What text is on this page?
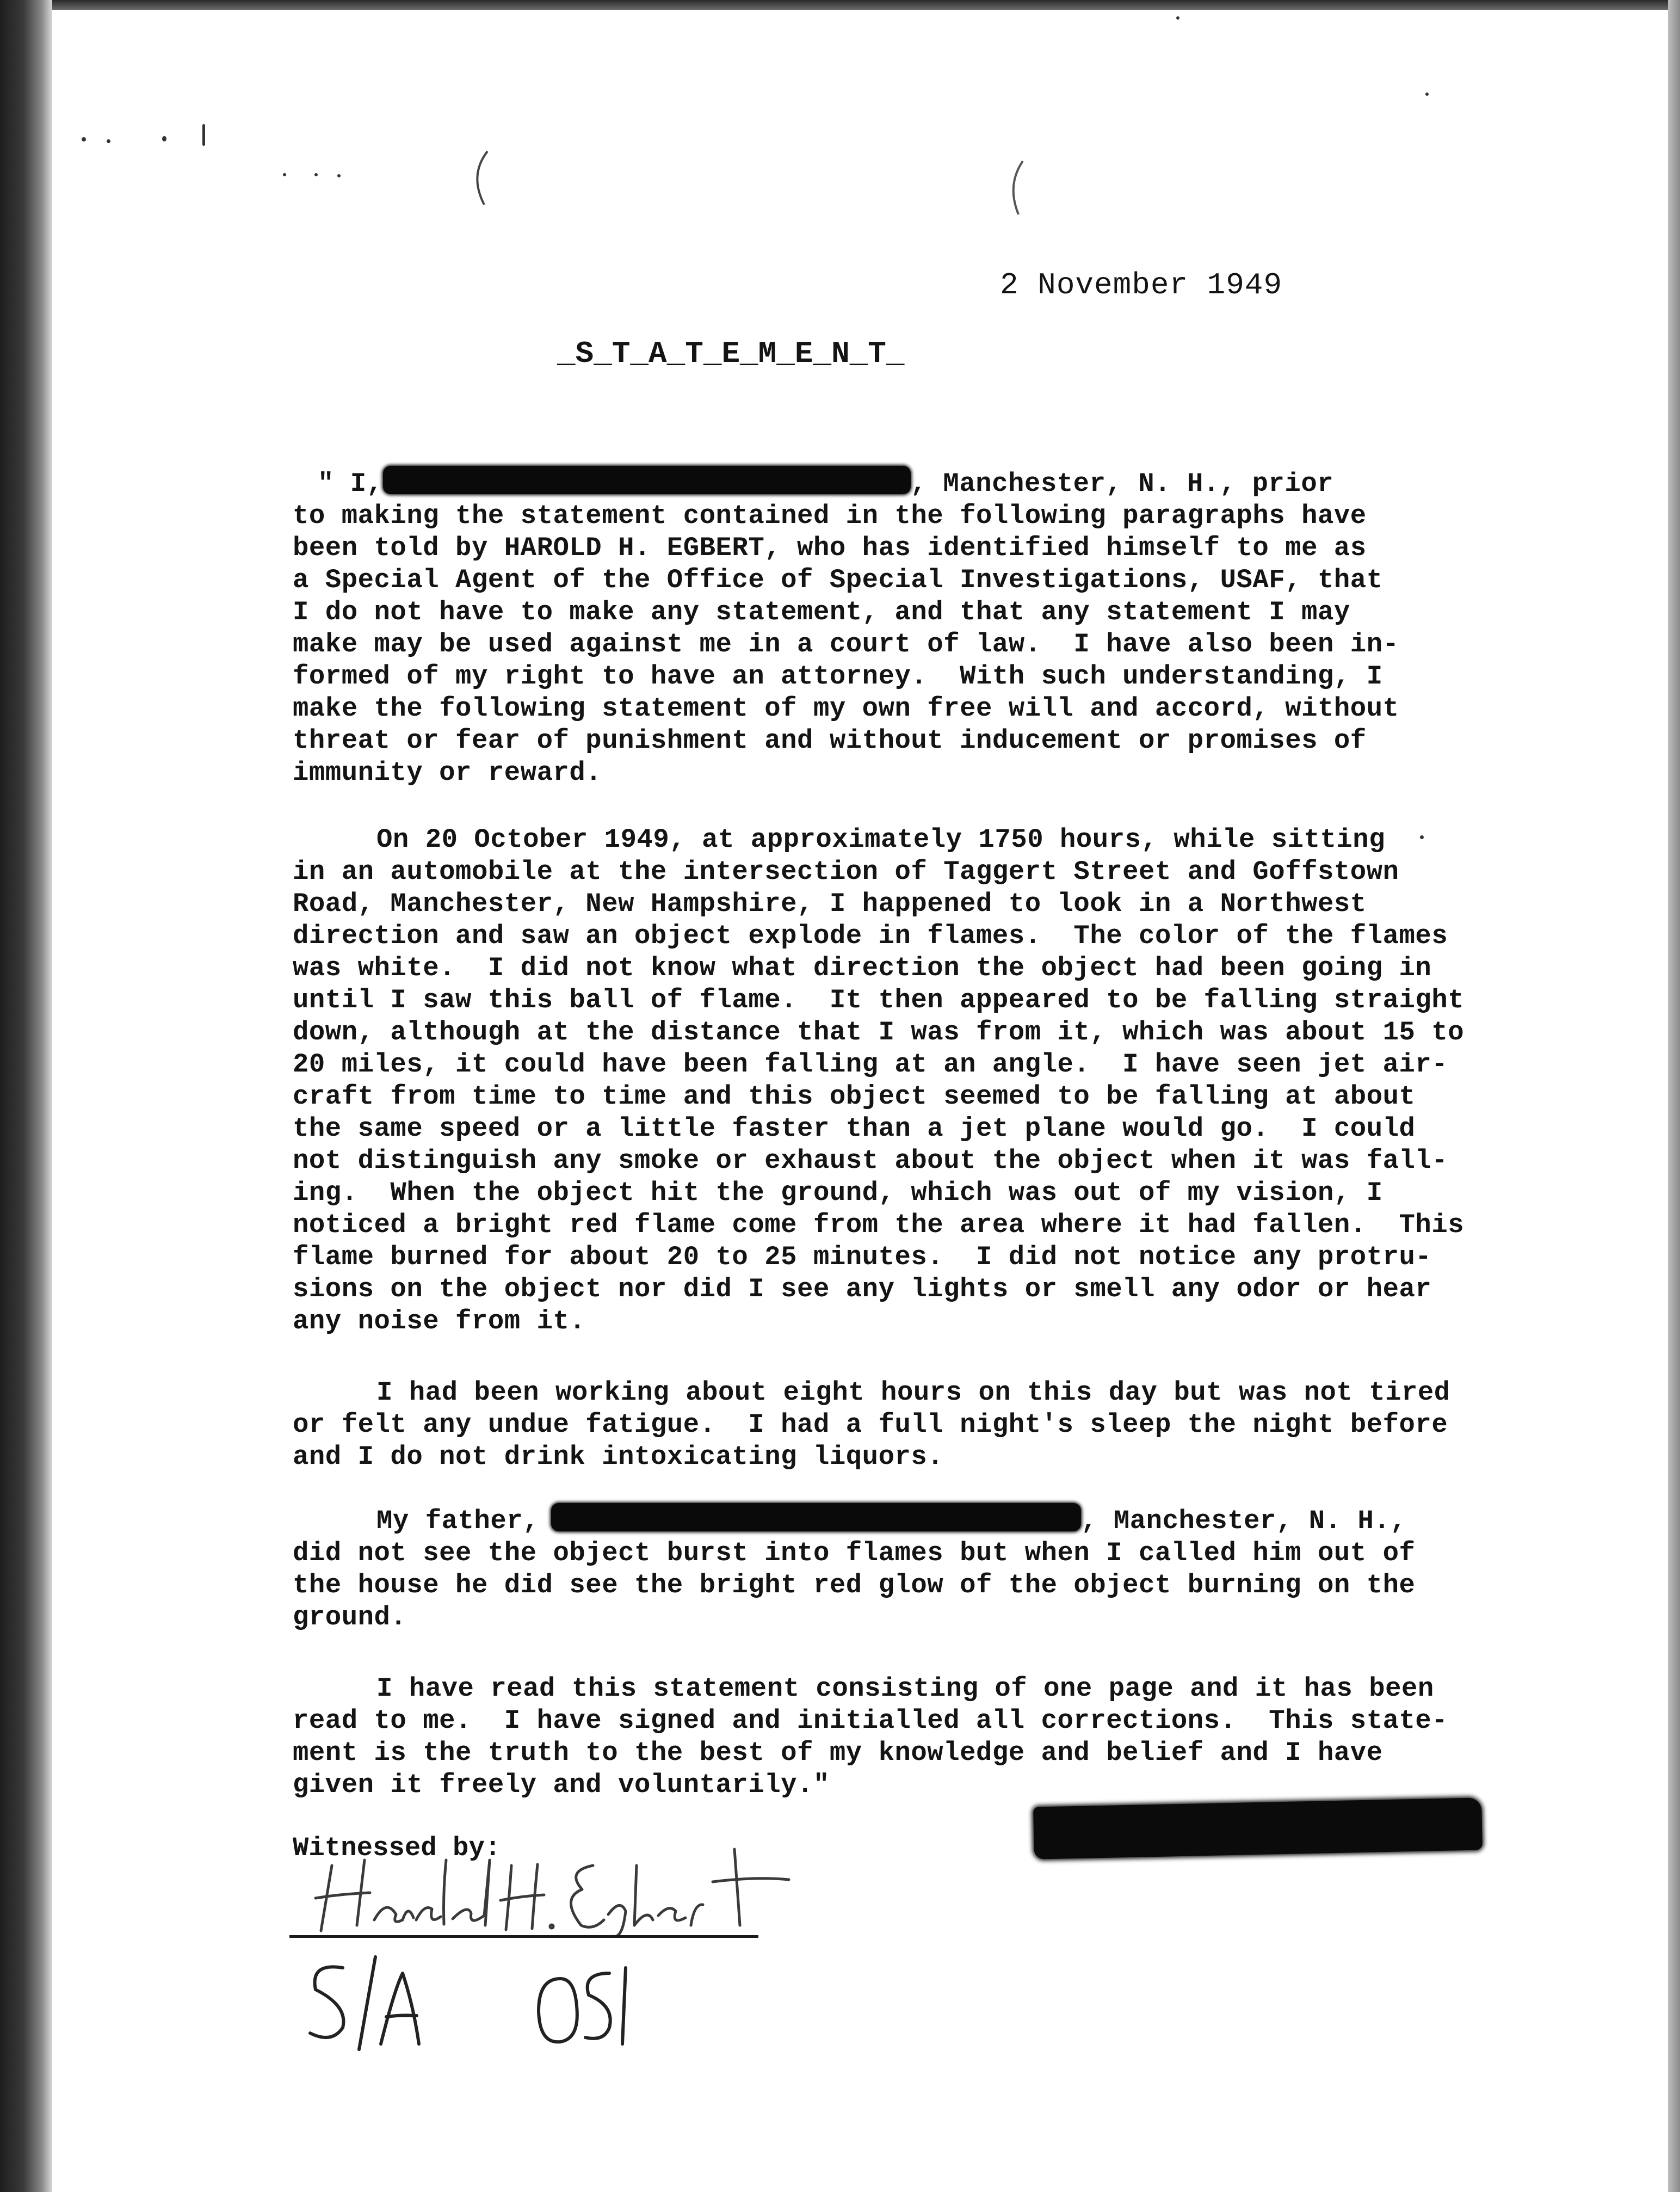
2 November 1949
_S_T_A_T_E_M_E_N_T_
" I,	, Manchester, N. H., prior
to making the statement contained in the following paragraphs have
been told by HAROLD H. EGBERT, who has identified himself to me as
a Special Agent of the Office of Special Investigations, USAF, that
I do not have to make any statement, and that any statement I may
make may be used against me in a court of law.  I have also been in-
formed of my right to have an attorney.  With such understanding, I
make the following statement of my own free will and accord, without
threat or fear of punishment and without inducement or promises of
immunity or reward.
On 20 October 1949, at approximately 1750 hours, while sitting
in an automobile at the intersection of Taggert Street and Goffstown
Road, Manchester, New Hampshire, I happened to look in a Northwest
direction and saw an object explode in flames.  The color of the flames
was white.  I did not know what direction the object had been going in
until I saw this ball of flame.  It then appeared to be falling straight
down, although at the distance that I was from it, which was about 15 to
20 miles, it could have been falling at an angle.  I have seen jet air-
craft from time to time and this object seemed to be falling at about
the same speed or a little faster than a jet plane would go.  I could
not distinguish any smoke or exhaust about the object when it was fall-
ing.  When the object hit the ground, which was out of my vision, I
noticed a bright red flame come from the area where it had fallen.  This
flame burned for about 20 to 25 minutes.  I did not notice any protru-
sions on the object nor did I see any lights or smell any odor or hear
any noise from it.
I had been working about eight hours on this day but was not tired
or felt any undue fatigue.  I had a full night's sleep the night before
and I do not drink intoxicating liquors.
My father,	, Manchester, N. H.,
did not see the object burst into flames but when I called him out of
the house he did see the bright red glow of the object burning on the
ground.
I have read this statement consisting of one page and it has been
read to me.  I have signed and initialled all corrections.  This state-
ment is the truth to the best of my knowledge and belief and I have
given it freely and voluntarily."
Witnessed by:
